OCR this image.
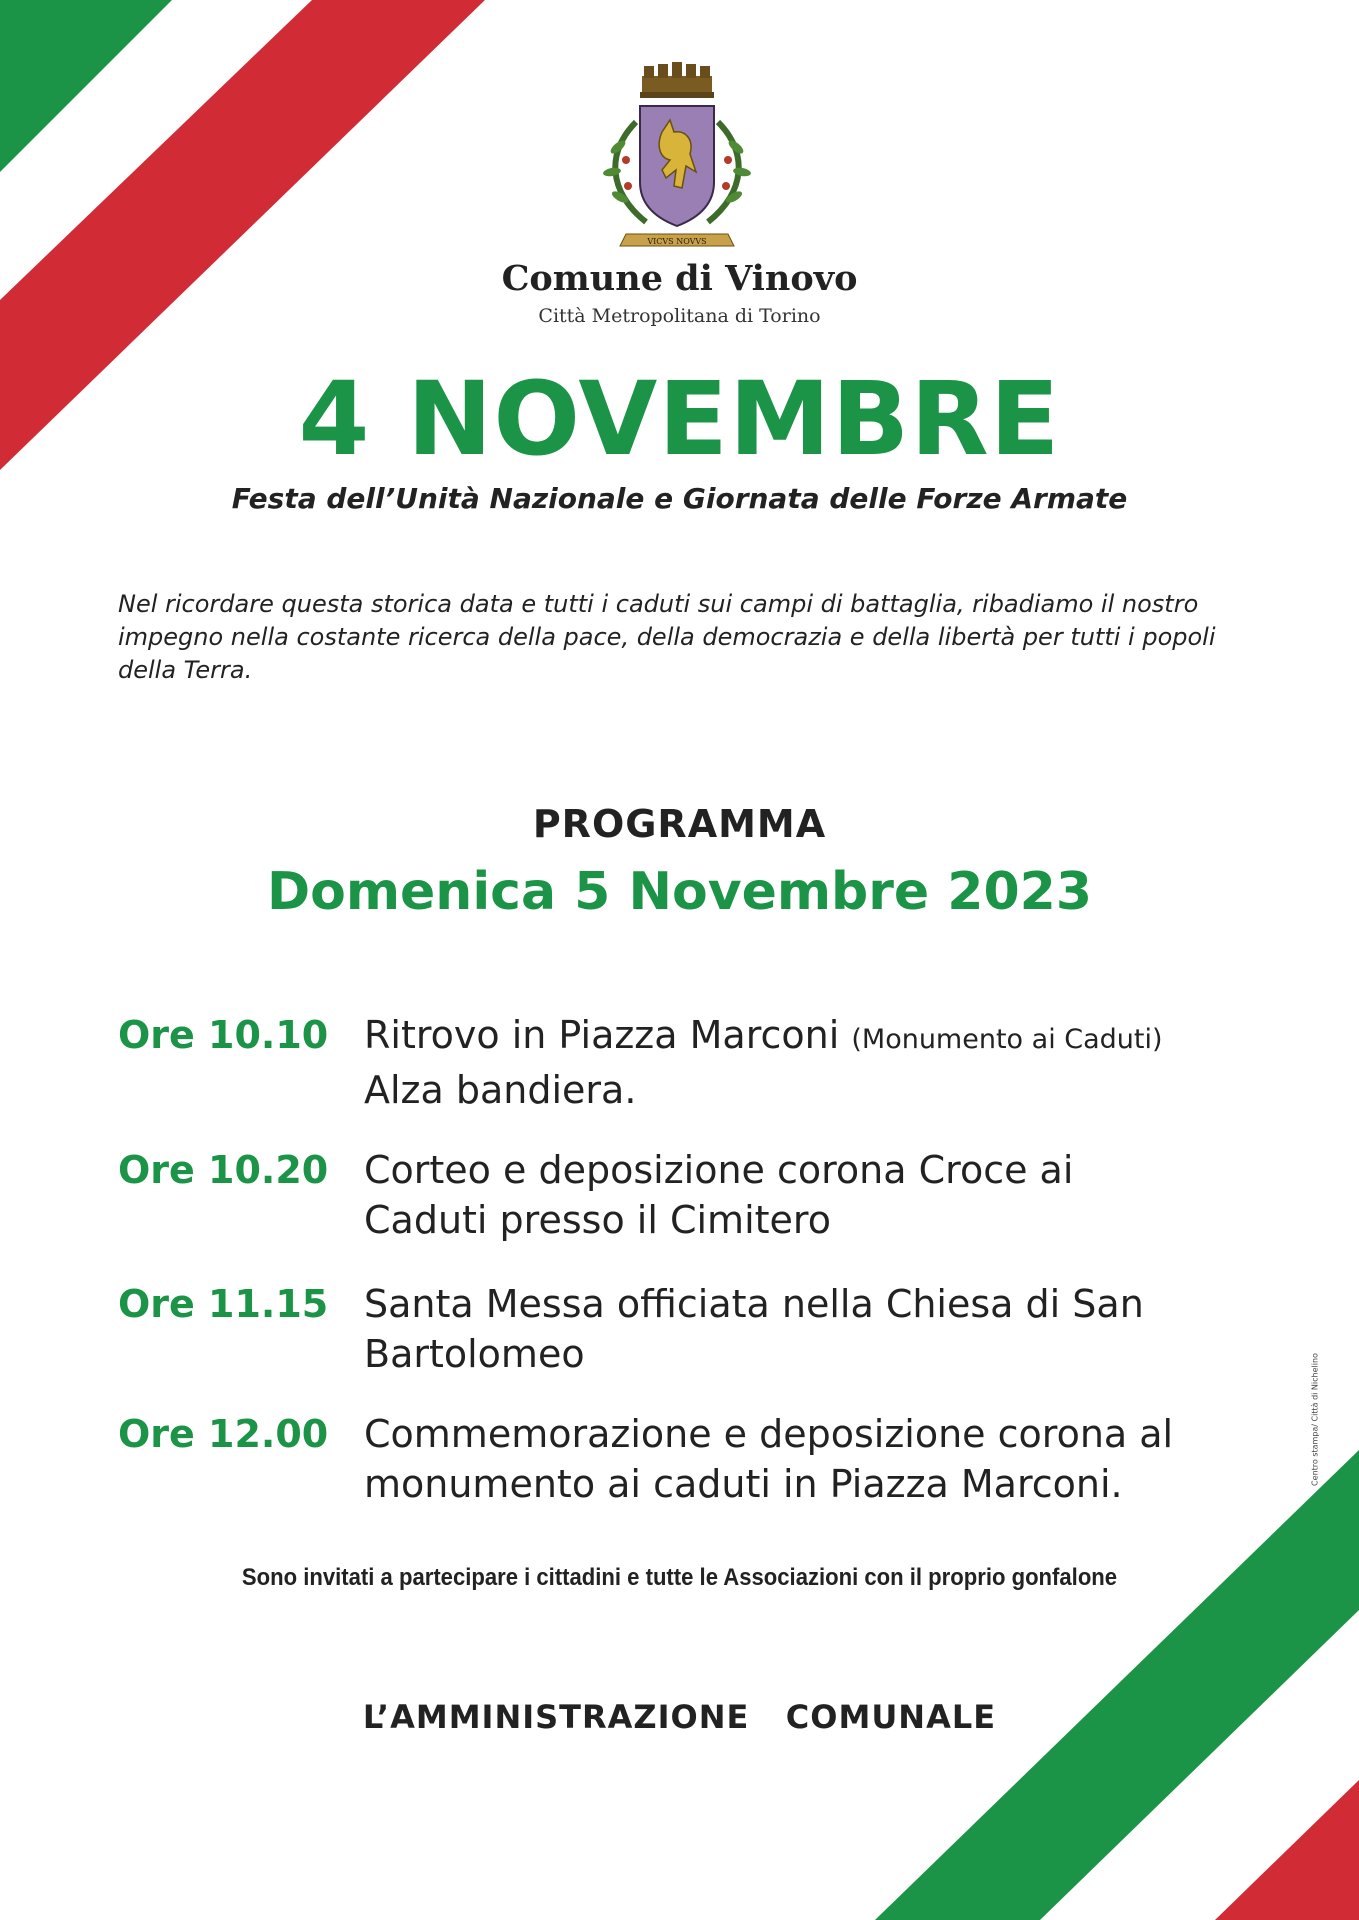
VICVS NOVVS
Comune di Vinovo
Città Metropolitana di Torino
4 NOVEMBRE
Festa dell’Unità Nazionale e Giornata delle Forze Armate
Nel ricordare questa storica data e tutti i caduti sui campi di battaglia, ribadiamo il nostro impegno nella costante ricerca della pace, della democrazia e della libertà per tutti i popoli della Terra.
PROGRAMMA
Domenica 5 Novembre 2023
Ore 10.10 Ritrovo in Piazza Marconi (Monumento ai Caduti)
Alza bandiera.
Ore 10.20 Corteo e deposizione corona Croce ai Caduti presso il Cimitero
Ore 11.15 Santa Messa officiata nella Chiesa di San Bartolomeo
Ore 12.00 Commemorazione e deposizione corona al monumento ai caduti in Piazza Marconi.
Sono invitati a partecipare i cittadini e tutte le Associazioni con il proprio gonfalone
L’AMMINISTRAZIONE   COMUNALE
Centro stampa/ Città di Nichelino
